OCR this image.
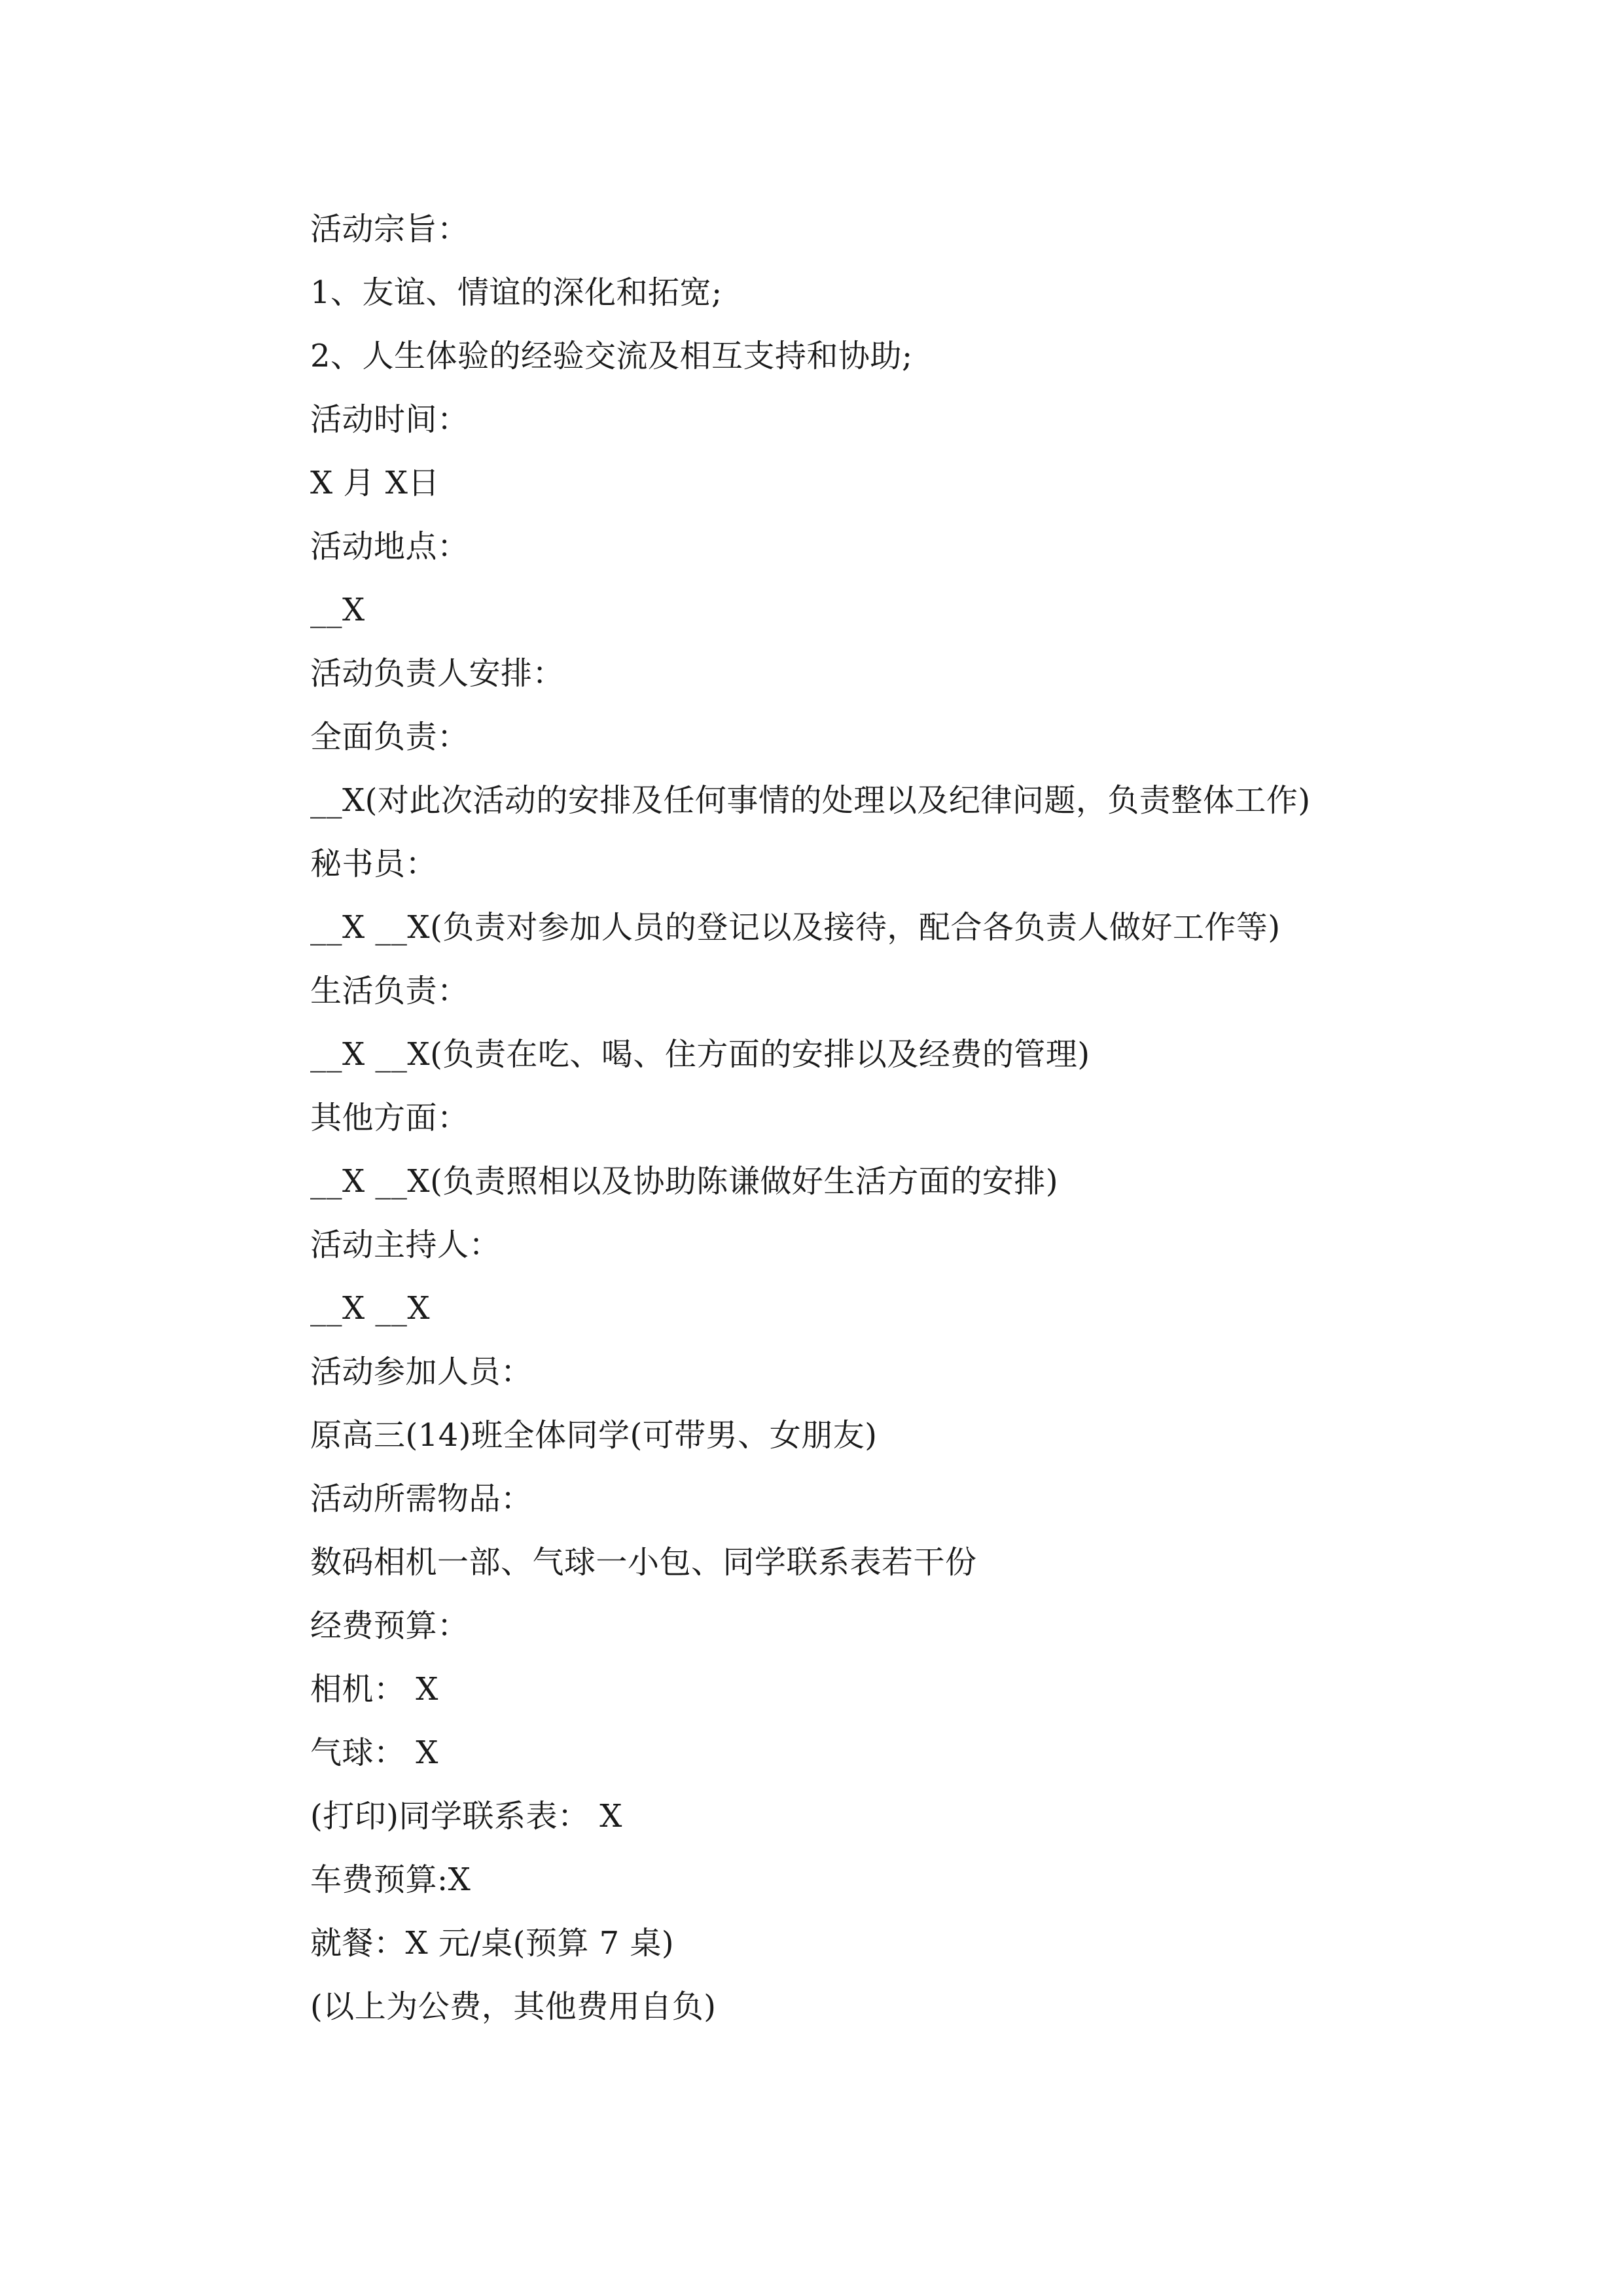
活动宗旨：
1、友谊、情谊的深化和拓宽;
2、人生体验的经验交流及相互支持和协助;
活动时间：
X 月 X日
活动地点：
__X
活动负责人安排：
全面负责：
__X(对此次活动的安排及任何事情的处理以及纪律问题，负责整体工作)
秘书员：
__X __X(负责对参加人员的登记以及接待，配合各负责人做好工作等)
生活负责：
__X __X(负责在吃、喝、住方面的安排以及经费的管理)
其他方面：
__X __X(负责照相以及协助陈谦做好生活方面的安排)
活动主持人：
__X __X
活动参加人员：
原高三(14)班全体同学(可带男、女朋友)
活动所需物品：
数码相机一部、气球一小包、同学联系表若干份
经费预算：
相机： X
气球： X
(打印)同学联系表： X
车费预算:X
就餐：X 元/桌(预算 7 桌)
(以上为公费，其他费用自负)
